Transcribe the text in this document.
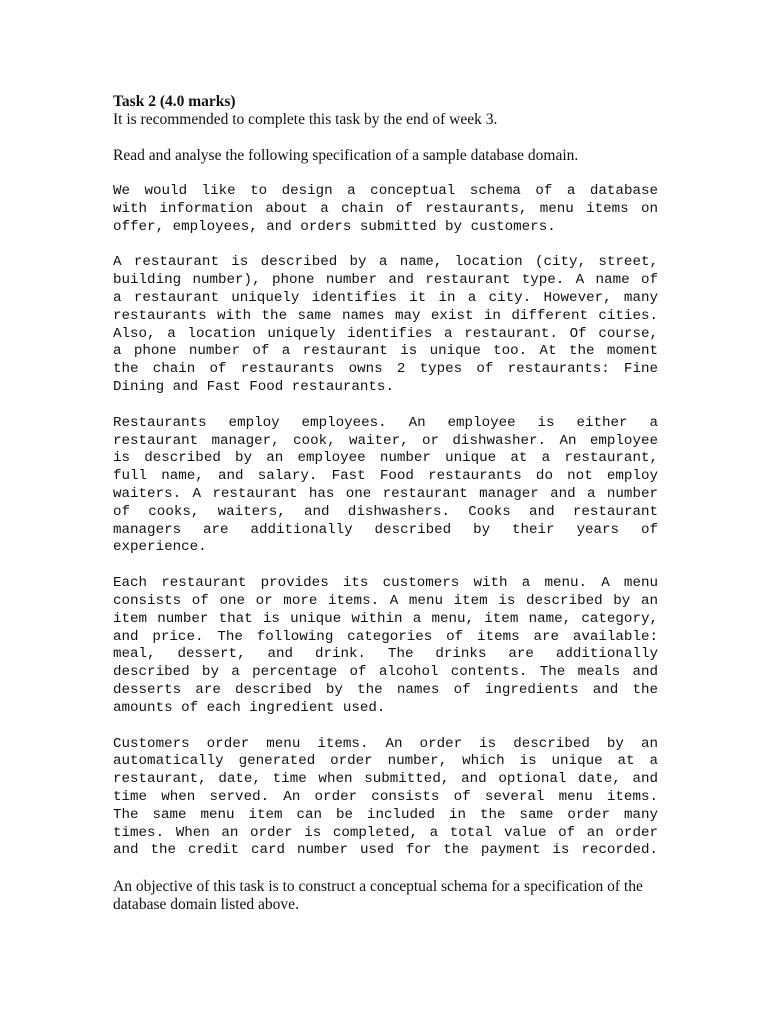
Task 2 (4.0 marks)

It is recommended to complete this task by the end of week 3.

Read and analyse the following specification of a sample database domain.

We would like to design a conceptual schema of a database
with information about a chain of restaurants, menu items on
offer, employees, and orders submitted by customers.
A restaurant is described by a name, location (city, street,
building number), phone number and restaurant type. A name of
a restaurant uniquely identifies it in a city. However, many
restaurants with the same names may exist in different cities.
Also, a location uniquely identifies a restaurant. Of course,
a phone number of a restaurant is unique too. At the moment
the chain of restaurants owns 2 types of restaurants: Fine
Dining and Fast Food restaurants.
Restaurants employ employees. An employee is either a
restaurant manager, cook, waiter, or dishwasher. An employee
is described by an employee number unique at a restaurant,
full name, and salary. Fast Food restaurants do not employ
waiters. A restaurant has one restaurant manager and a number
of cooks, waiters, and dishwashers. Cooks and restaurant
managers are additionally described by their years of
experience.
Each restaurant provides its customers with a menu. A menu
consists of one or more items. A menu item is described by an
item number that is unique within a menu, item name, category,
and price. The following categories of items are available:
meal, dessert, and drink. The drinks are additionally
described by a percentage of alcohol contents. The meals and
desserts are described by the names of ingredients and the
amounts of each ingredient used.
Customers order menu items. An order is described by an
automatically generated order number, which is unique at a
restaurant, date, time when submitted, and optional date, and
time when served. An order consists of several menu items.
The same menu item can be included in the same order many
times. When an order is completed, a total value of an order
and the credit card number used for the payment is recorded.

An objective of this task is to construct a conceptual schema for a specification of the database domain listed above.
